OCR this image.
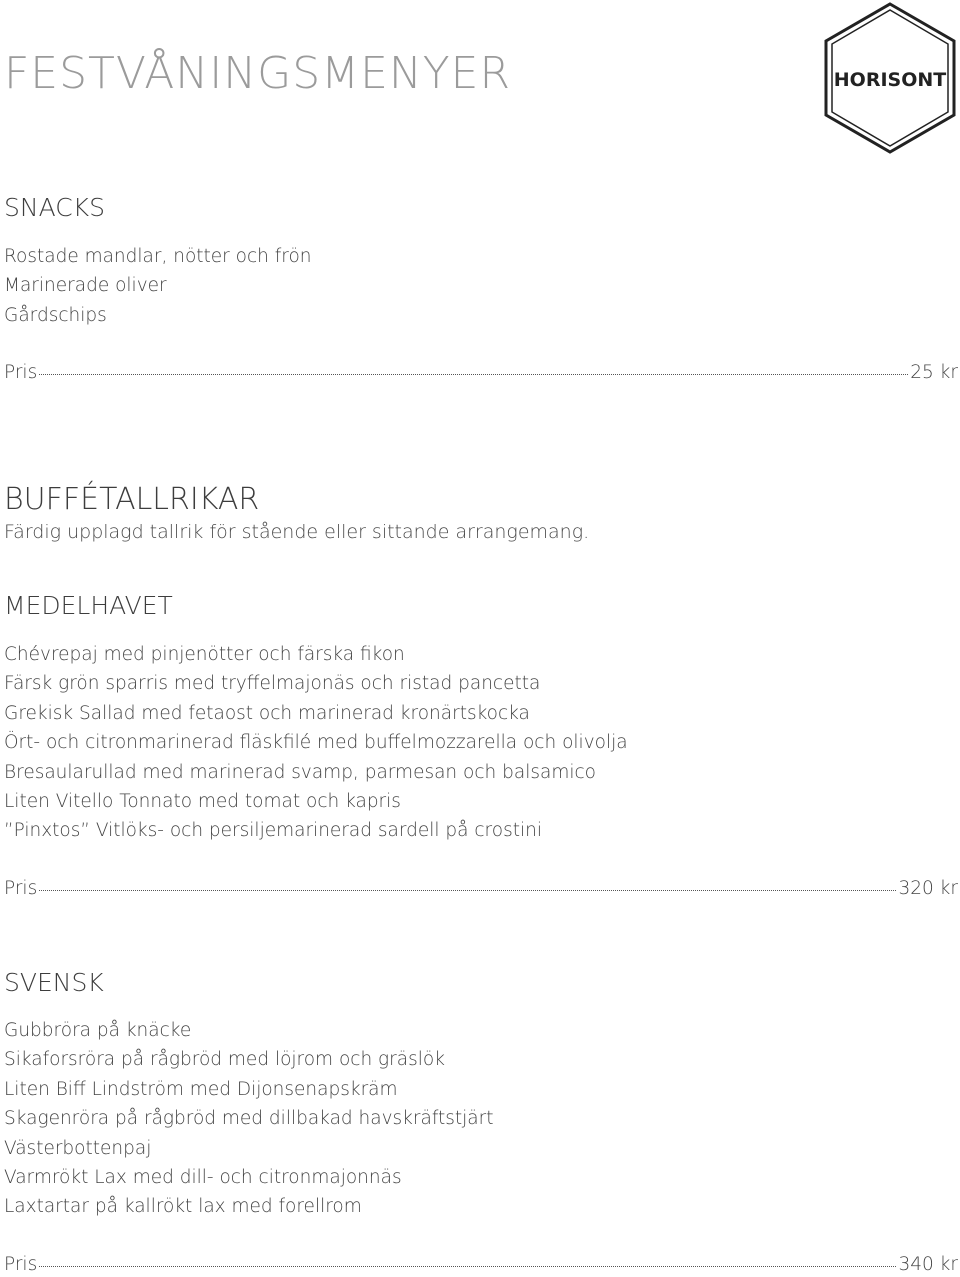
FESTVÅNINGSMENYER	HORISONT
SNACKS
Rostade mandlar, nötter och frön
Marinerade oliver
Gårdschips
Pris	25 kr
BUFFÉTALLRIKAR

Färdig upplagd tallrik för stående eller sittande arrangemang.

MEDELHAVET
Chévrepaj med pinjenötter och färska fikon
Färsk grön sparris med tryffelmajonäs och ristad pancetta
Grekisk Sallad med fetaost och marinerad kronärtskocka
Ört- och citronmarinerad fläskfilé med buffelmozzarella och olivolja
Bresaularullad med marinerad svamp, parmesan och balsamico
Liten Vitello Tonnato med tomat och kapris
”Pinxtos” Vitlöks- och persiljemarinerad sardell på crostini
Pris	320 kr
SVENSK
Gubbröra på knäcke
Sikaforsröra på rågbröd med löjrom och gräslök
Liten Biff Lindström med Dijonsenapskräm
Skagenröra på rågbröd med dillbakad havskräftstjärt
Västerbottenpaj
Varmrökt Lax med dill- och citronmajonnäs
Laxtartar på kallrökt lax med forellrom
Pris	340 kr
